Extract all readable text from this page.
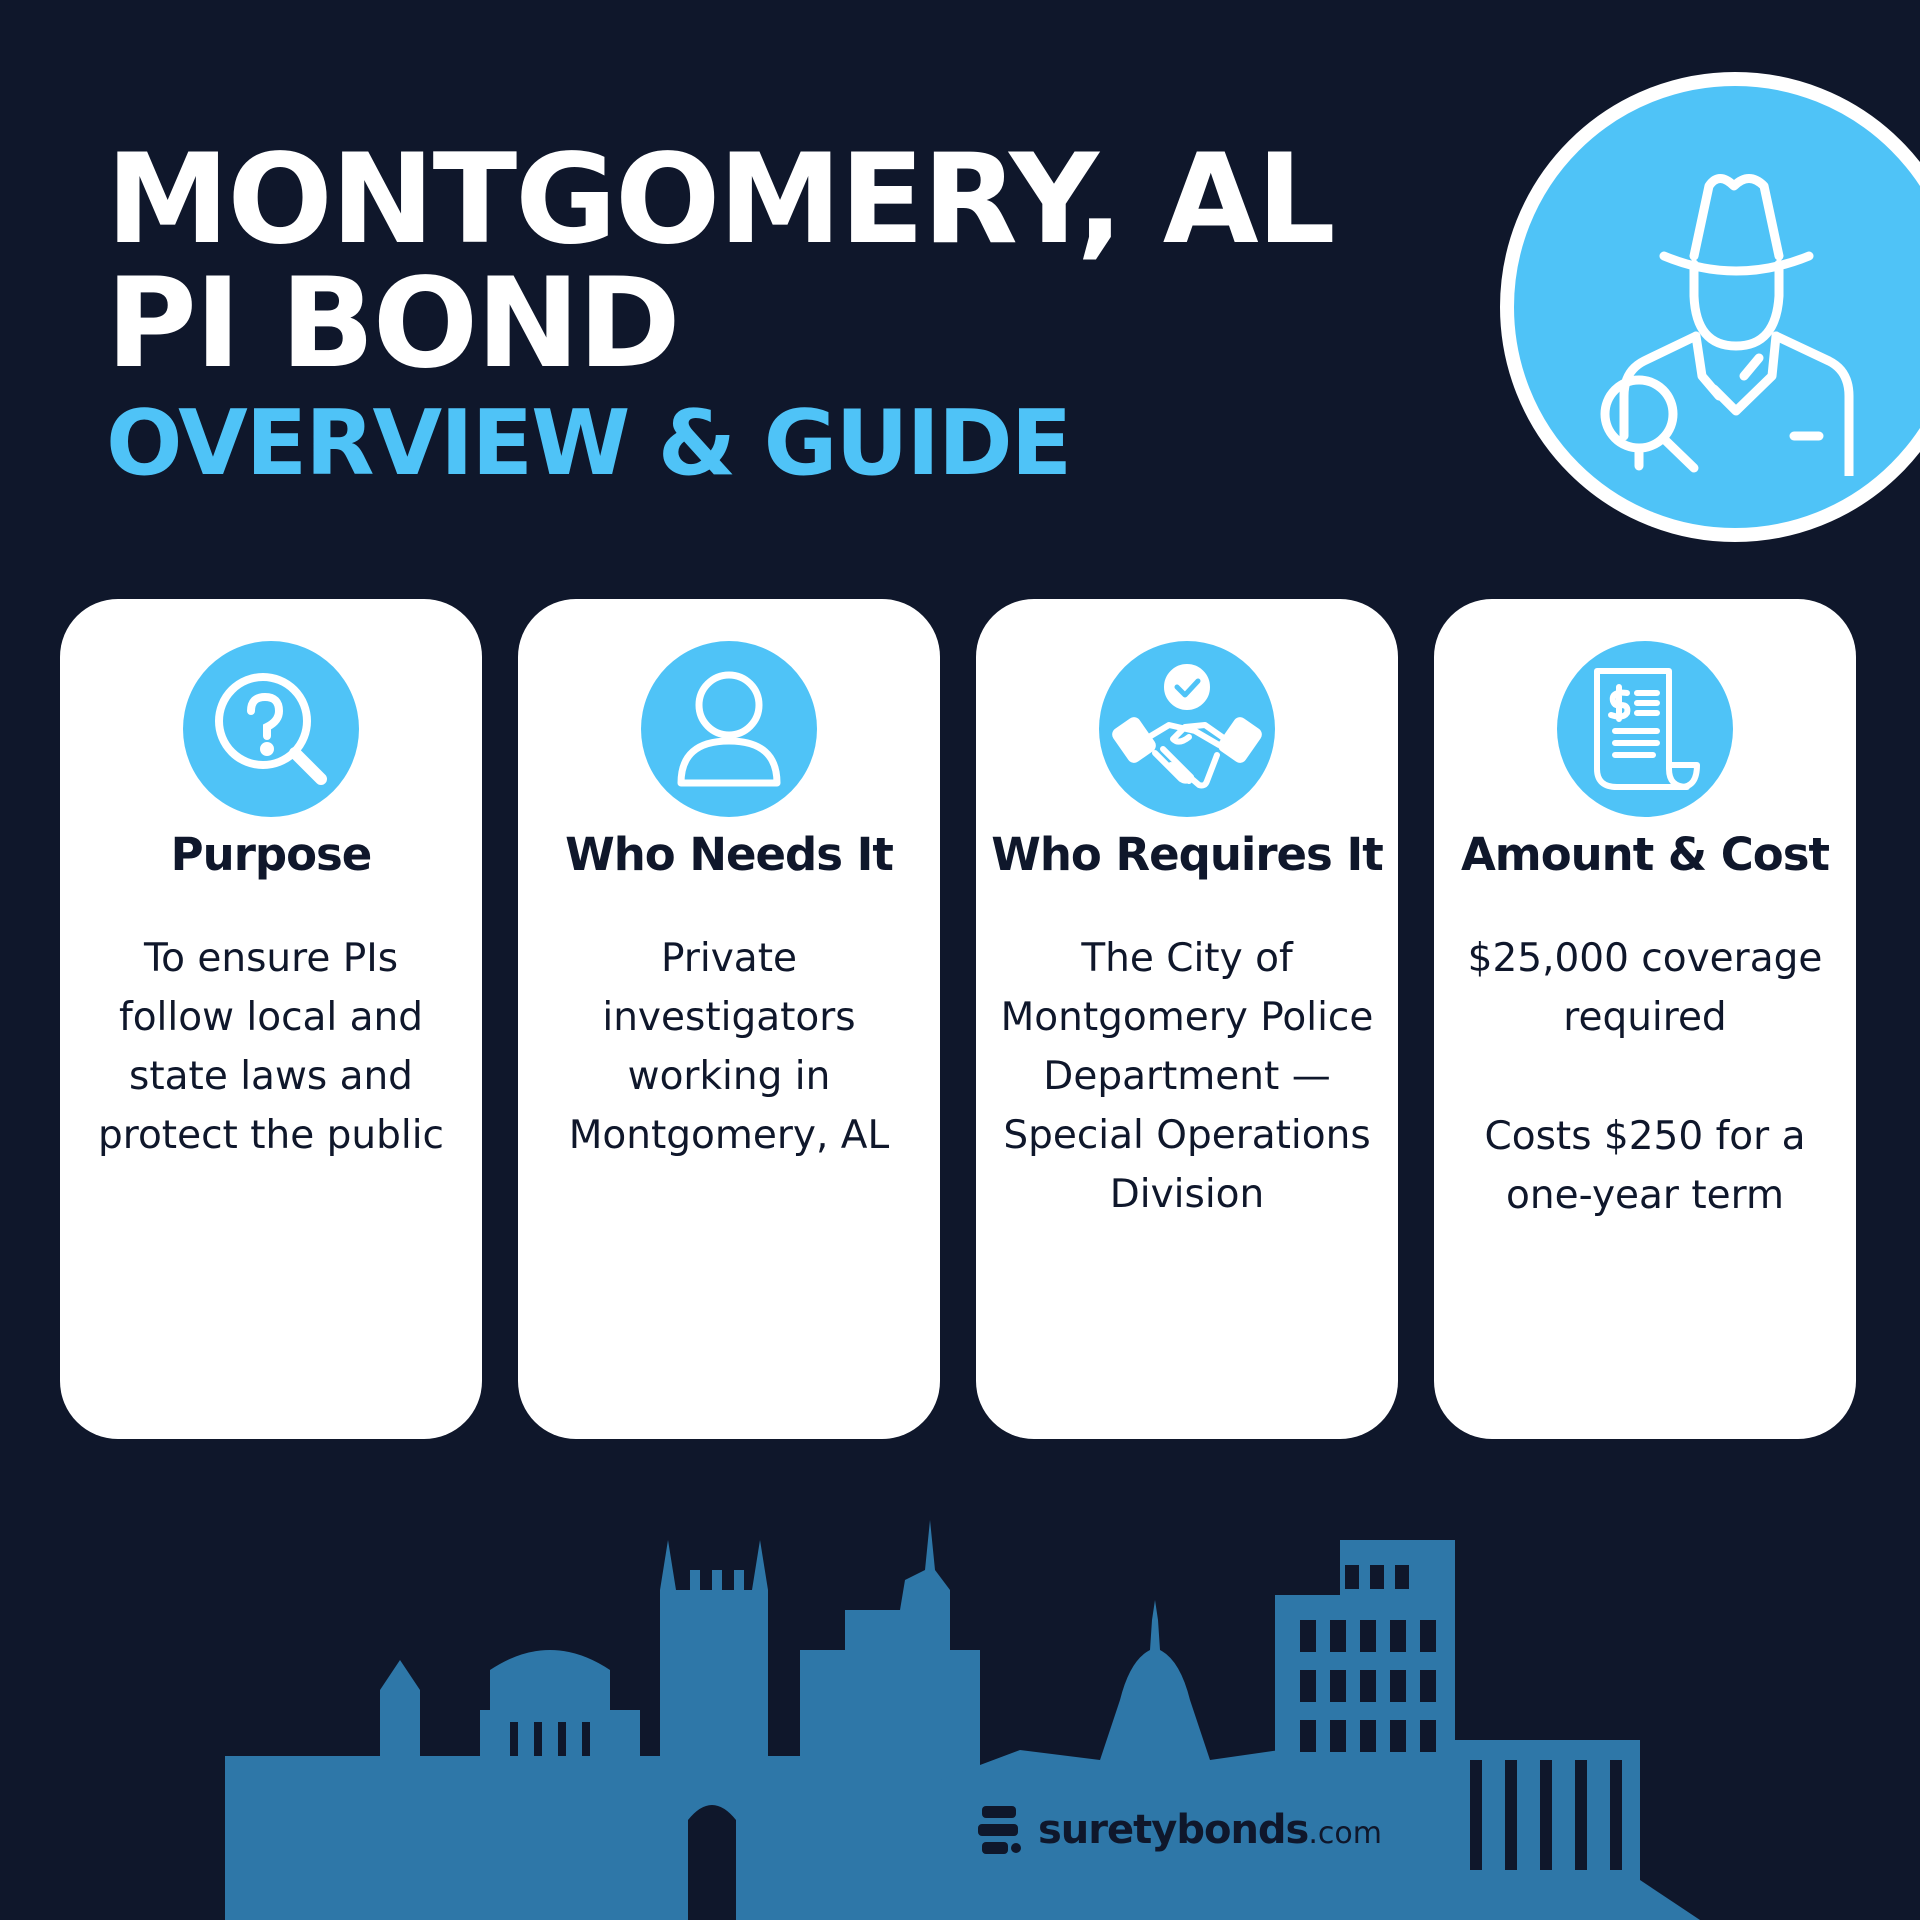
MONTGOMERY, AL
PI BOND
OVERVIEW & GUIDE
Purpose
To ensure PIs
follow local and
state laws and
protect the public
Who Needs It
Private
investigators
working in
Montgomery, AL
Who Requires It
The City of
Montgomery Police
Department —
Special Operations
Division
Amount & Cost
$25,000 coverage
required
Costs $250 for a
one-year term
suretybonds.com
